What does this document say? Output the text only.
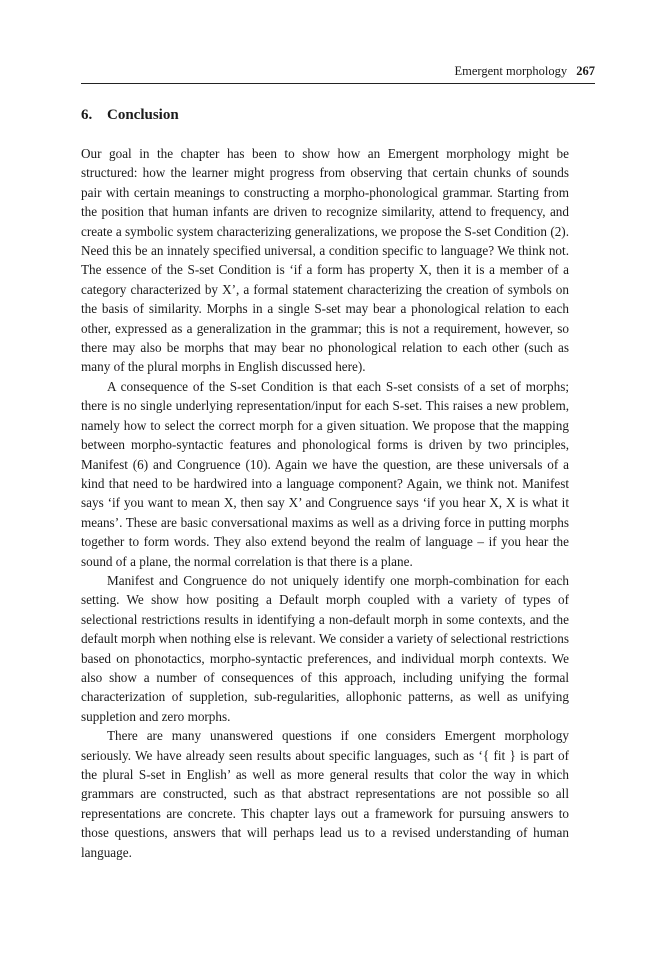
Emergent morphology 267
6. Conclusion

Our goal in the chapter has been to show how an Emergent morphology might be structured: how the learner might progress from observing that certain chunks of sounds pair with certain meanings to constructing a morpho-phonological grammar. Starting from the position that human infants are driven to recognize similarity, attend to frequency, and create a symbolic system characterizing generalizations, we propose the S-set Condition (2). Need this be an innately specified universal, a condition specific to language? We think not. The essence of the S-set Condition is ‘if a form has property X, then it is a member of a category characterized by X’, a formal statement characterizing the creation of symbols on the basis of similarity. Morphs in a single S-set may bear a phonological relation to each other, expressed as a generalization in the grammar; this is not a requirement, however, so there may also be morphs that may bear no phonological relation to each other (such as many of the plural morphs in English discussed here).

A consequence of the S-set Condition is that each S-set consists of a set of morphs; there is no single underlying representation/input for each S-set. This raises a new problem, namely how to select the correct morph for a given situation. We propose that the mapping between morpho-syntactic features and phonological forms is driven by two principles, Manifest (6) and Congruence (10). Again we have the question, are these universals of a kind that need to be hardwired into a language component? Again, we think not. Manifest says ‘if you want to mean X, then say X’ and Congruence says ‘if you hear X, X is what it means’. These are basic conversational maxims as well as a driving force in putting morphs together to form words. They also extend beyond the realm of language – if you hear the sound of a plane, the normal correlation is that there is a plane.

Manifest and Congruence do not uniquely identify one morph-combination for each setting. We show how positing a Default morph coupled with a variety of types of selectional restrictions results in identifying a non-default morph in some contexts, and the default morph when nothing else is relevant. We consider a variety of selectional restrictions based on phonotactics, morpho-syntactic preferences, and individual morph contexts. We also show a number of consequences of this approach, including unifying the formal characterization of suppletion, sub-regularities, allophonic patterns, as well as unifying suppletion and zero morphs.

There are many unanswered questions if one considers Emergent morphology seriously. We have already seen results about specific languages, such as ‘{ fit } is part of the plural S-set in English’ as well as more general results that color the way in which grammars are constructed, such as that abstract representations are not possible so all representations are concrete. This chapter lays out a framework for pursuing answers to those questions, answers that will perhaps lead us to a revised understanding of human language.
